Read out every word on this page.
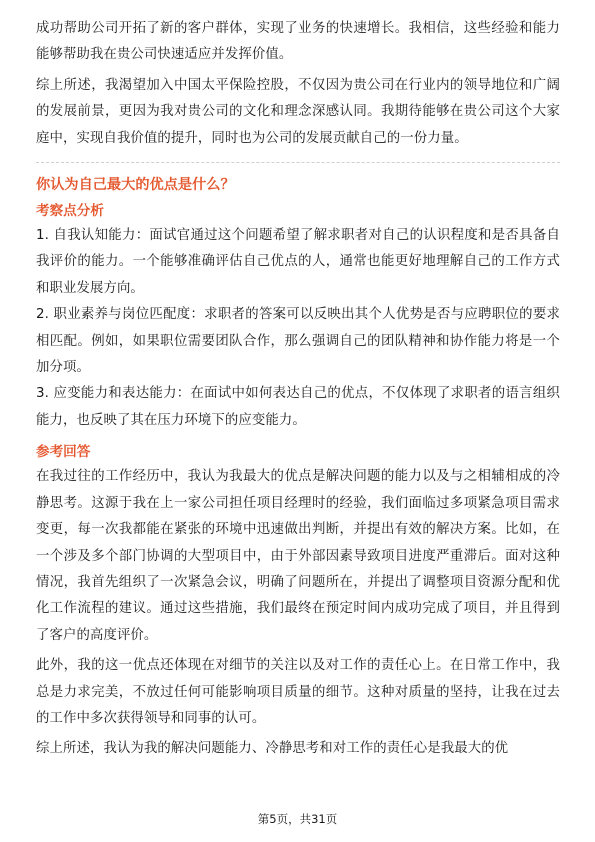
成功帮助公司开拓了新的客户群体，实现了业务的快速增长。我相信，这些经验和能力能够帮助我在贵公司快速适应并发挥价值。

综上所述，我渴望加入中国太平保险控股，不仅因为贵公司在行业内的领导地位和广阔的发展前景，更因为我对贵公司的文化和理念深感认同。我期待能够在贵公司这个大家庭中，实现自我价值的提升，同时也为公司的发展贡献自己的一份力量。

你认为自己最大的优点是什么？
考察点分析

1. 自我认知能力：面试官通过这个问题希望了解求职者对自己的认识程度和是否具备自我评价的能力。一个能够准确评估自己优点的人，通常也能更好地理解自己的工作方式和职业发展方向。

2. 职业素养与岗位匹配度：求职者的答案可以反映出其个人优势是否与应聘职位的要求相匹配。例如，如果职位需要团队合作，那么强调自己的团队精神和协作能力将是一个加分项。

3. 应变能力和表达能力：在面试中如何表达自己的优点，不仅体现了求职者的语言组织能力，也反映了其在压力环境下的应变能力。

参考回答

在我过往的工作经历中，我认为我最大的优点是解决问题的能力以及与之相辅相成的冷静思考。这源于我在上一家公司担任项目经理时的经验，我们面临过多项紧急项目需求变更，每一次我都能在紧张的环境中迅速做出判断，并提出有效的解决方案。比如，在一个涉及多个部门协调的大型项目中，由于外部因素导致项目进度严重滞后。面对这种情况，我首先组织了一次紧急会议，明确了问题所在，并提出了调整项目资源分配和优化工作流程的建议。通过这些措施，我们最终在预定时间内成功完成了项目，并且得到了客户的高度评价。

此外，我的这一优点还体现在对细节的关注以及对工作的责任心上。在日常工作中，我总是力求完美，不放过任何可能影响项目质量的细节。这种对质量的坚持，让我在过去的工作中多次获得领导和同事的认可。

综上所述，我认为我的解决问题能力、冷静思考和对工作的责任心是我最大的优

第5页，共31页
